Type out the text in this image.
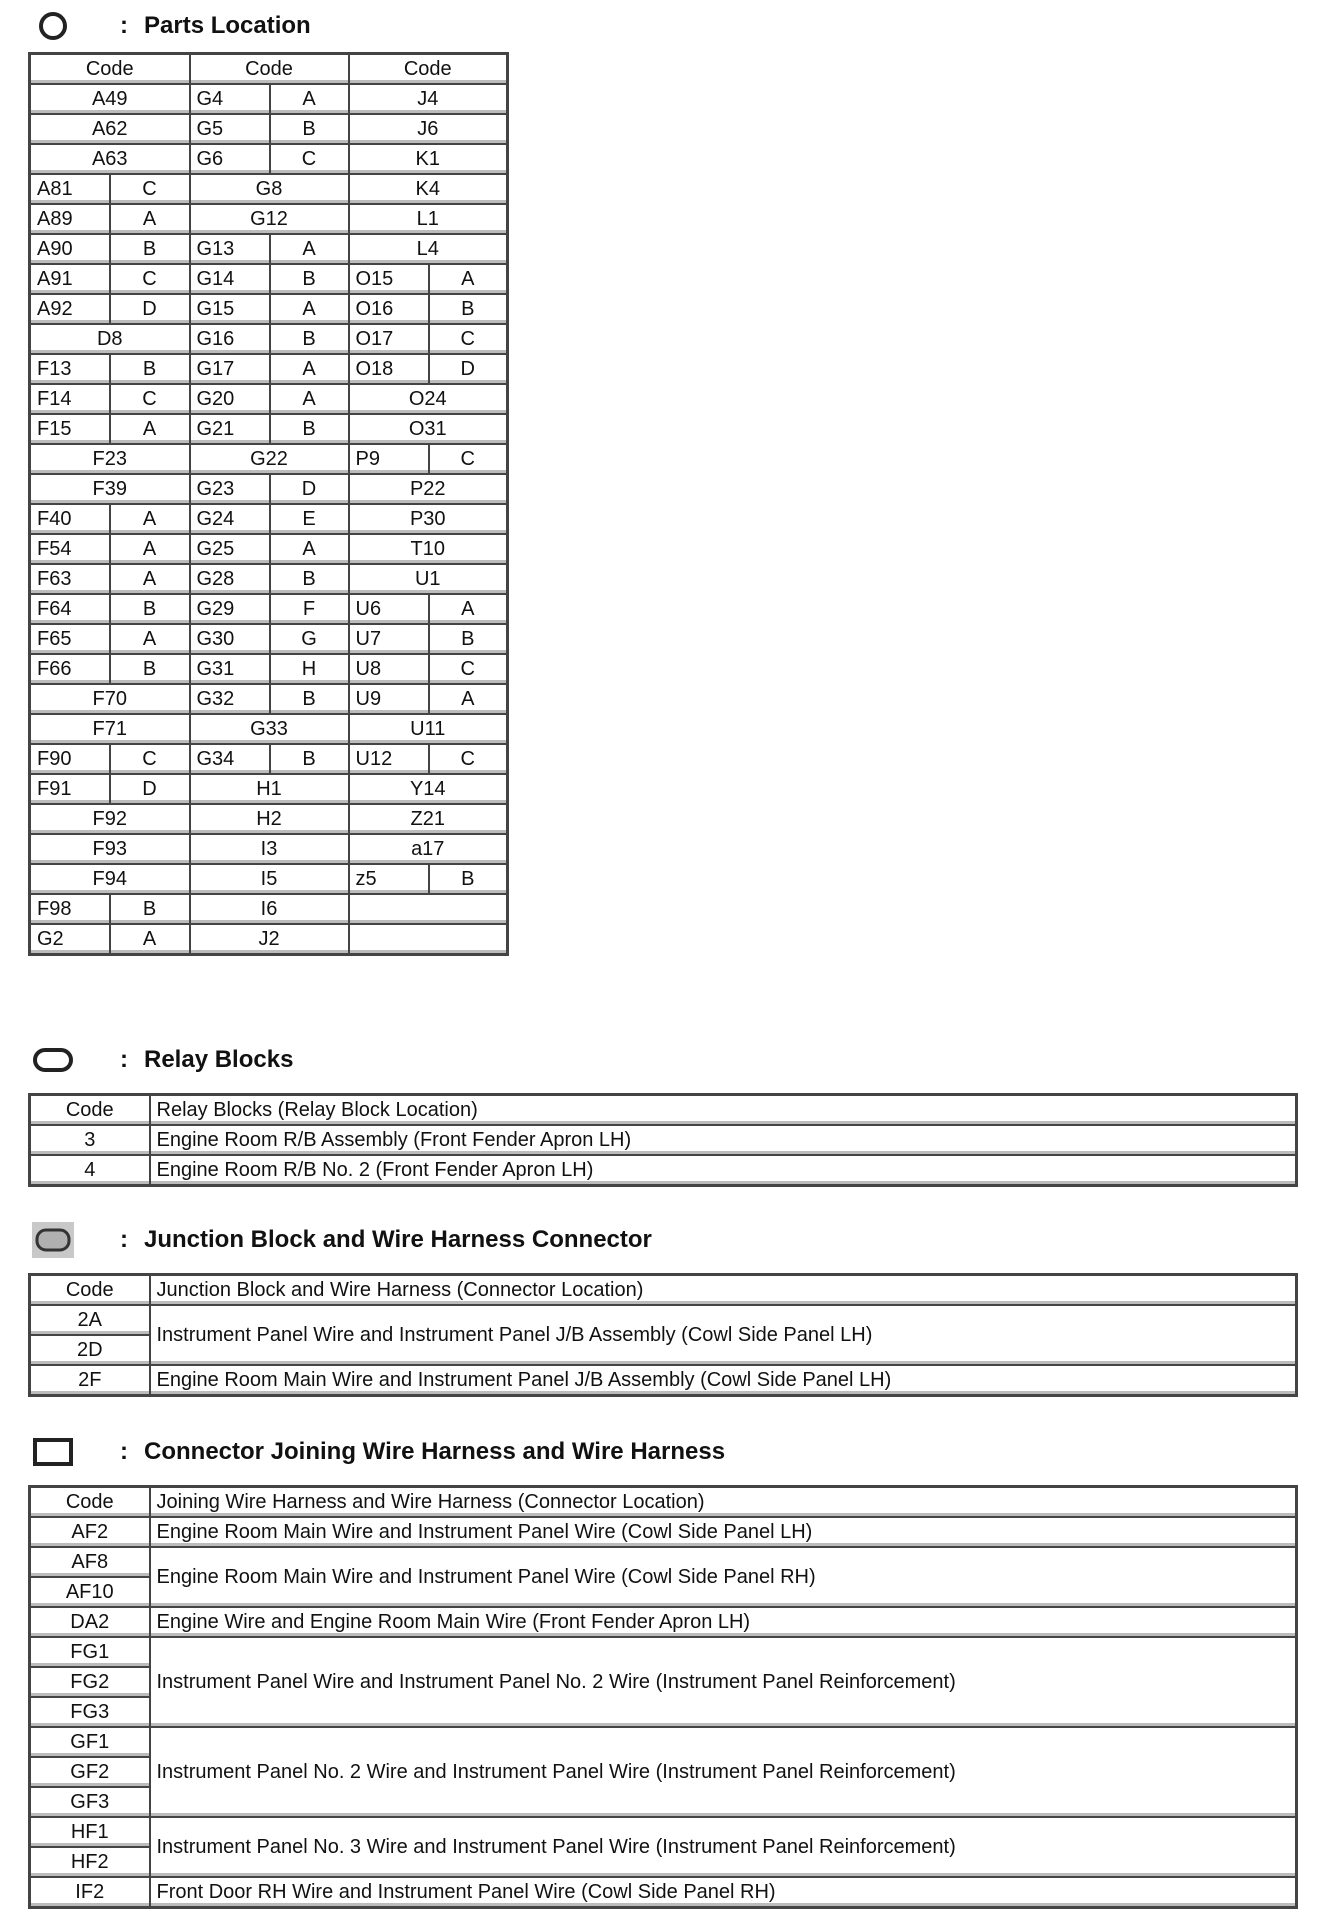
: Parts Location
Code		Code		Code	
A49		G4	A	J4	
A62		G5	B	J6	
A63		G6	C	K1	
A81	C	G8		K4	
A89	A	G12		L1	
A90	B	G13	A	L4	
A91	C	G14	B	O15	A
A92	D	G15	A	O16	B
D8		G16	B	O17	C
F13	B	G17	A	O18	D
F14	C	G20	A	O24	
F15	A	G21	B	O31	
F23		G22		P9	C
F39		G23	D	P22	
F40	A	G24	E	P30	
F54	A	G25	A	T10	
F63	A	G28	B	U1	
F64	B	G29	F	U6	A
F65	A	G30	G	U7	B
F66	B	G31	H	U8	C
F70		G32	B	U9	A
F71		G33		U11	
F90	C	G34	B	U12	C
F91	D	H1		Y14	
F92		H2		Z21	
F93		I3		a17	
F94		I5		z5	B
F98	B	I6			
G2	A	J2			
: Relay Blocks
Code	Relay Blocks (Relay Block Location)
3	Engine Room R/B Assembly (Front Fender Apron LH)
4	Engine Room R/B No. 2 (Front Fender Apron LH)
: Junction Block and Wire Harness Connector
Code	Junction Block and Wire Harness (Connector Location)
2A	Instrument Panel Wire and Instrument Panel J/B Assembly (Cowl Side Panel LH)
2D	
2F	Engine Room Main Wire and Instrument Panel J/B Assembly (Cowl Side Panel LH)
: Connector Joining Wire Harness and Wire Harness
Code	Joining Wire Harness and Wire Harness (Connector Location)
AF2	Engine Room Main Wire and Instrument Panel Wire (Cowl Side Panel LH)
AF8	Engine Room Main Wire and Instrument Panel Wire (Cowl Side Panel RH)
AF10	
DA2	Engine Wire and Engine Room Main Wire (Front Fender Apron LH)
FG1	Instrument Panel Wire and Instrument Panel No. 2 Wire (Instrument Panel Reinforcement)
FG2	
FG3	
GF1	Instrument Panel No. 2 Wire and Instrument Panel Wire (Instrument Panel Reinforcement)
GF2	
GF3	
HF1	Instrument Panel No. 3 Wire and Instrument Panel Wire (Instrument Panel Reinforcement)
HF2	
IF2	Front Door RH Wire and Instrument Panel Wire (Cowl Side Panel RH)
